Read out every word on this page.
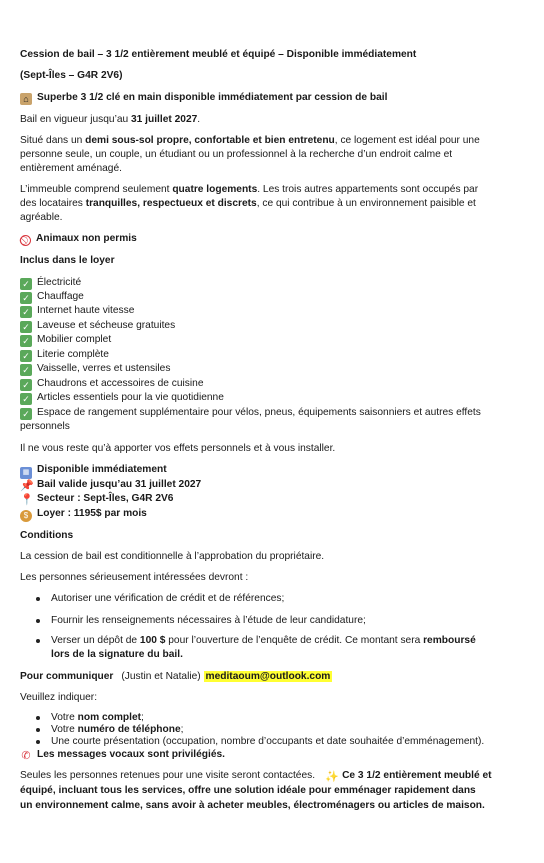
Cession de bail – 3 1/2 entièrement meublé et équipé – Disponible immédiatement
(Sept-Îles – G4R 2V6)
⌂ Superbe 3 1/2 clé en main disponible immédiatement par cession de bail
Bail en vigueur jusqu’au 31 juillet 2027.
Situé dans un demi sous-sol propre, confortable et bien entretenu, ce logement est idéal pour une
personne seule, un couple, un étudiant ou un professionnel à la recherche d’un endroit calme et
entièrement aménagé.
L’immeuble comprend seulement quatre logements. Les trois autres appartements sont occupés par
des locataires tranquilles, respectueux et discrets, ce qui contribue à un environnement paisible et
agréable.
Animaux non permis
Inclus dans le loyer
✓ Électricité
✓ Chauffage
✓ Internet haute vitesse
✓ Laveuse et sécheuse gratuites
✓ Mobilier complet
✓ Literie complète
✓ Vaisselle, verres et ustensiles
✓ Chaudrons et accessoires de cuisine
✓ Articles essentiels pour la vie quotidienne
✓ Espace de rangement supplémentaire pour vélos, pneus, équipements saisonniers et autres effets
personnels
Il ne vous reste qu’à apporter vos effets personnels et à vous installer.
▦ Disponible immédiatement
📌 Bail valide jusqu’au 31 juillet 2027
📍 Secteur : Sept-Îles, G4R 2V6
$ Loyer : 1195$ par mois
Conditions
La cession de bail est conditionnelle à l’approbation du propriétaire.
Les personnes sérieusement intéressées devront :
Autoriser une vérification de crédit et de références;
Fournir les renseignements nécessaires à l’étude de leur candidature;
Verser un dépôt de 100 $ pour l’ouverture de l’enquête de crédit. Ce montant sera remboursé
lors de la signature du bail.
Pour communiquer (Justin et Natalie) meditaoum@outlook.com
Veuillez indiquer:
Votre nom complet;
Votre numéro de téléphone;
Une courte présentation (occupation, nombre d’occupants et date souhaitée d’emménagement).
✆ Les messages vocaux sont privilégiés.
Seules les personnes retenues pour une visite seront contactées. ✨ Ce 3 1/2 entièrement meublé et
équipé, incluant tous les services, offre une solution idéale pour emménager rapidement dans
un environnement calme, sans avoir à acheter meubles, électroménagers ou articles de maison.
